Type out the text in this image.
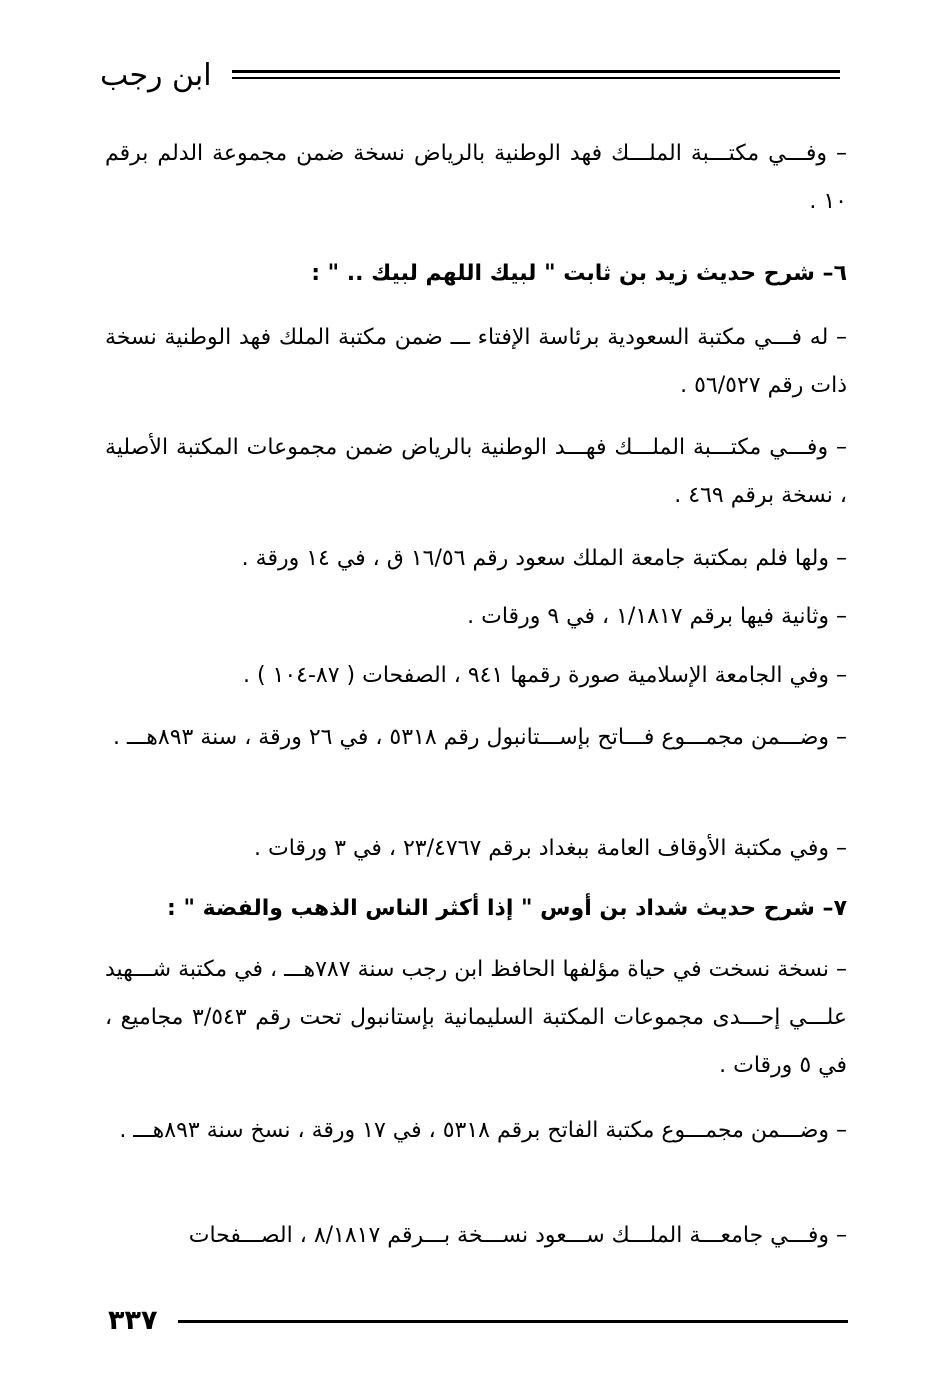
ابن رجب

– وفـــي مكتـــبة الملـــك فهد الوطنية بالرياض نسخة ضمن مجموعة الدلم برقم ١٠ .

٦– شرح حديث زيد بن ثابت " لبيك اللهم لبيك .. " :

– له فـــي مكتبة السعودية برئاسة الإفتاء ـــ ضمن مكتبة الملك فهد الوطنية نسخة ذات رقم ٥٦/٥٢٧ .

– وفـــي مكتـــبة الملـــك فهـــد الوطنية بالرياض ضمن مجموعات المكتبة الأصلية ، نسخة برقم ٤٦٩ .

– ولها فلم بمكتبة جامعة الملك سعود رقم ١٦/٥٦ ق ، في ١٤ ورقة .

– وثانية فيها برقم ١/١٨١٧ ، في ٩ ورقات .

– وفي الجامعة الإسلامية صورة رقمها ٩٤١ ، الصفحات ( ٨٧-١٠٤ ) .

– وضـــمن مجمـــوع فـــاتح بإســـتانبول رقم ٥٣١٨ ، في ٢٦ ورقة ، سنة ٨٩٣هـــ .

– وفي مكتبة الأوقاف العامة ببغداد برقم ٢٣/٤٧٦٧ ، في ٣ ورقات .

٧– شرح حديث شداد بن أوس " إذا أكثر الناس الذهب والفضة " :

– نسخة نسخت في حياة مؤلفها الحافظ ابن رجب سنة ٧٨٧هـــ ، في مكتبة شـــهيد علـــي إحـــدى مجموعات المكتبة السليمانية بإستانبول تحت رقم ٣/٥٤٣ مجاميع ، في ٥ ورقات .

– وضـــمن مجمـــوع مكتبة الفاتح برقم ٥٣١٨ ، في ١٧ ورقة ، نسخ سنة ٨٩٣هـــ .

– وفـــي جامعـــة الملـــك ســـعود نســـخة بـــرقم ٨/١٨١٧ ، الصـــفحات

٣٣٧
